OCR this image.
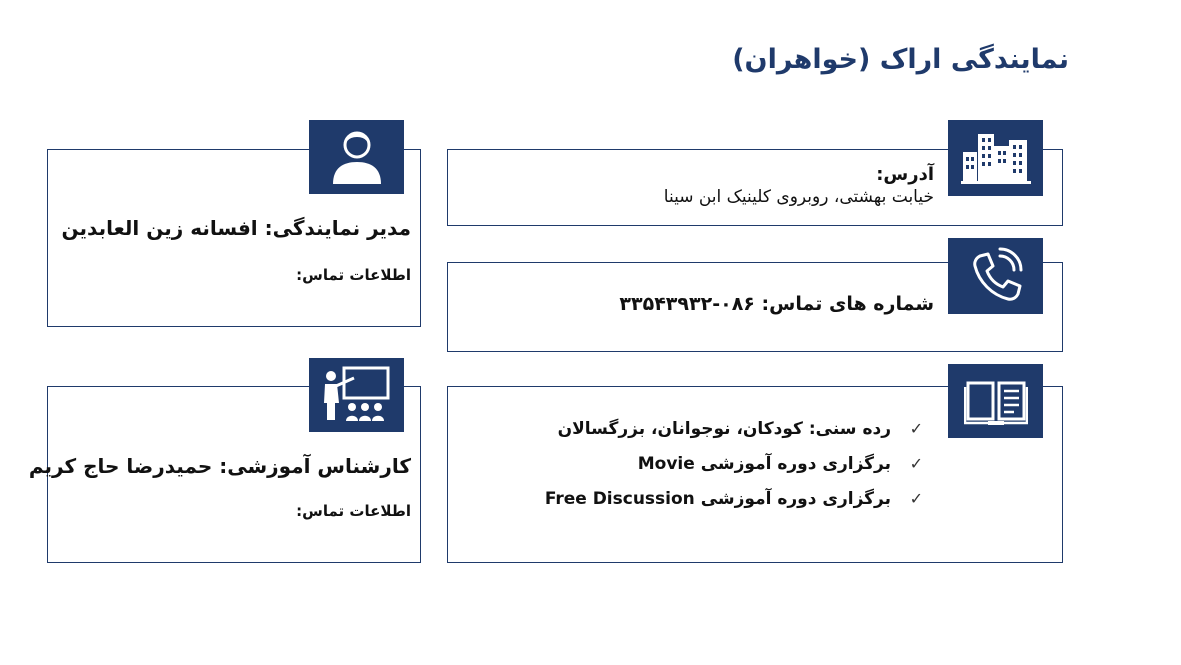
نمایندگی اراک (خواهران)
آدرس:
خیابت بهشتی، روبروی کلینیک ابن سینا
شماره های تماس: ۰۸۶-۳۳۵۴۳۹۳۲
✓
رده سنی: کودکان، نوجوانان، بزرگسالان
✓
برگزاری دوره آموزشی Movie
✓
برگزاری دوره آموزشی Free Discussion
مدیر نمایندگی: افسانه زین العابدین
اطلاعات تماس:
کارشناس آموزشی: حمیدرضا حاج کریم
اطلاعات تماس:
